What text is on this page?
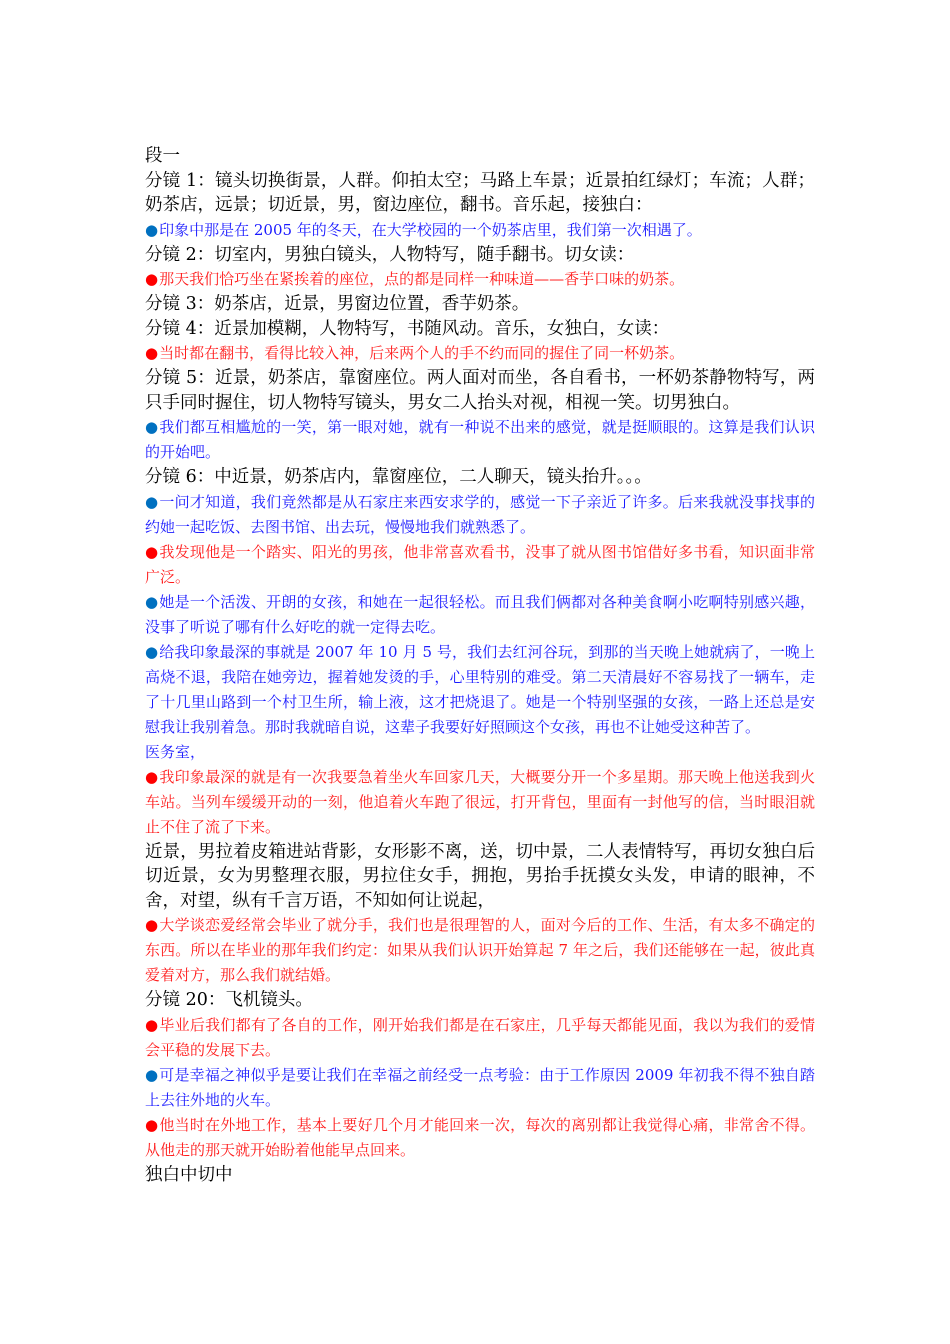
段一

分镜 1：镜头切换街景，人群。仰拍太空；马路上车景；近景拍红绿灯；车流；人群；奶茶店，远景；切近景，男，窗边座位，翻书。音乐起，接独白：

●印象中那是在 2005 年的冬天，在大学校园的一个奶茶店里，我们第一次相遇了。

分镜 2：切室内，男独白镜头，人物特写，随手翻书。切女读：

●那天我们恰巧坐在紧挨着的座位，点的都是同样一种味道——香芋口味的奶茶。

分镜 3：奶茶店，近景，男窗边位置，香芋奶茶。

分镜 4：近景加模糊，人物特写，书随风动。音乐，女独白，女读：

●当时都在翻书，看得比较入神，后来两个人的手不约而同的握住了同一杯奶茶。

分镜 5：近景，奶茶店，靠窗座位。两人面对而坐，各自看书，一杯奶茶静物特写，两只手同时握住，切人物特写镜头，男女二人抬头对视，相视一笑。切男独白。

●我们都互相尴尬的一笑，第一眼对她，就有一种说不出来的感觉，就是挺顺眼的。这算是我们认识的开始吧。

分镜 6：中近景，奶茶店内，靠窗座位，二人聊天，镜头抬升。。。

●一问才知道，我们竟然都是从石家庄来西安求学的，感觉一下子亲近了许多。后来我就没事找事的约她一起吃饭、去图书馆、出去玩，慢慢地我们就熟悉了。

●我发现他是一个踏实、阳光的男孩，他非常喜欢看书，没事了就从图书馆借好多书看，知识面非常广泛。

●她是一个活泼、开朗的女孩，和她在一起很轻松。而且我们俩都对各种美食啊小吃啊特别感兴趣，没事了听说了哪有什么好吃的就一定得去吃。

●给我印象最深的事就是 2007 年 10 月 5 号，我们去红河谷玩，到那的当天晚上她就病了，一晚上高烧不退，我陪在她旁边，握着她发烫的手，心里特别的难受。第二天清晨好不容易找了一辆车，走了十几里山路到一个村卫生所，输上液，这才把烧退了。她是一个特别坚强的女孩，一路上还总是安慰我让我别着急。那时我就暗自说，这辈子我要好好照顾这个女孩，再也不让她受这种苦了。

医务室，

●我印象最深的就是有一次我要急着坐火车回家几天，大概要分开一个多星期。那天晚上他送我到火车站。当列车缓缓开动的一刻，他追着火车跑了很远，打开背包，里面有一封他写的信，当时眼泪就止不住了流了下来。

近景，男拉着皮箱进站背影，女形影不离，送，切中景，二人表情特写，再切女独白后切近景，女为男整理衣服，男拉住女手，拥抱，男抬手抚摸女头发，申请的眼神，不舍，对望，纵有千言万语，不知如何让说起，

●大学谈恋爱经常会毕业了就分手，我们也是很理智的人，面对今后的工作、生活，有太多不确定的东西。所以在毕业的那年我们约定：如果从我们认识开始算起 7 年之后，我们还能够在一起，彼此真爱着对方，那么我们就结婚。

分镜 20：飞机镜头。

●毕业后我们都有了各自的工作，刚开始我们都是在石家庄，几乎每天都能见面，我以为我们的爱情会平稳的发展下去。

●可是幸福之神似乎是要让我们在幸福之前经受一点考验：由于工作原因 2009 年初我不得不独自踏上去往外地的火车。

●他当时在外地工作，基本上要好几个月才能回来一次，每次的离别都让我觉得心痛，非常舍不得。从他走的那天就开始盼着他能早点回来。

独白中切中
